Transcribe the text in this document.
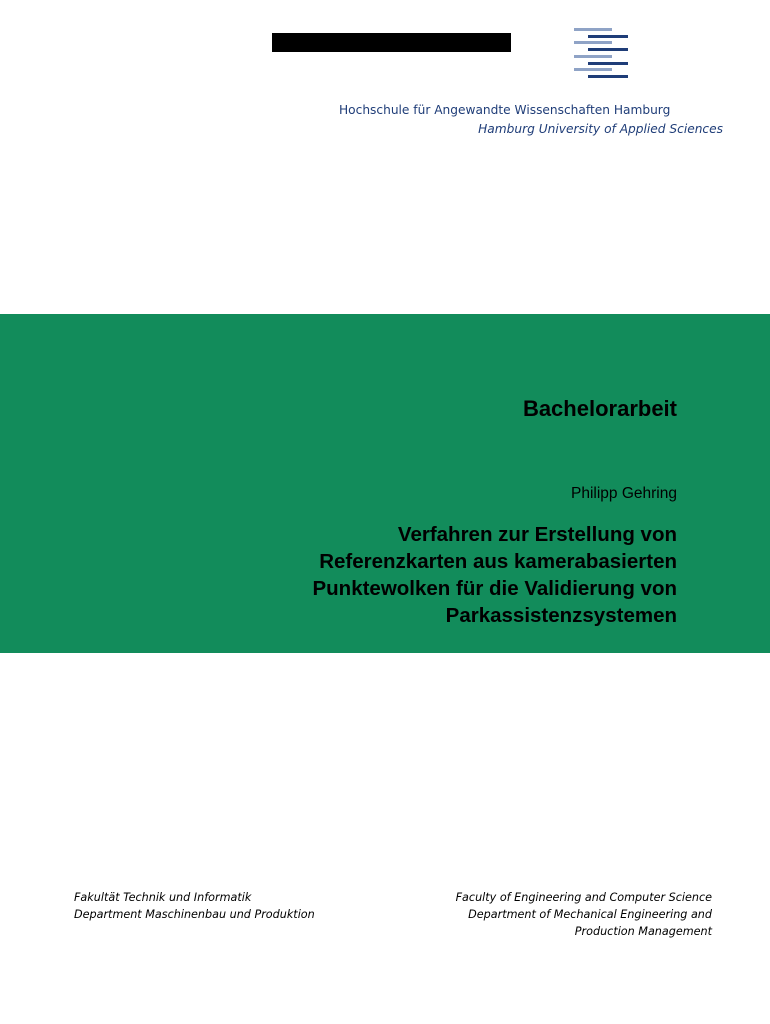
Hochschule für Angewandte Wissenschaften Hamburg
Hamburg University of Applied Sciences
Bachelorarbeit
Philipp Gehring
Verfahren zur Erstellung von
Referenzkarten aus kamerabasierten
Punktewolken für die Validierung von
Parkassistenzsystemen
Fakultät Technik und Informatik
Department Maschinenbau und Produktion
Faculty of Engineering and Computer Science
Department of Mechanical Engineering and
Production Management
